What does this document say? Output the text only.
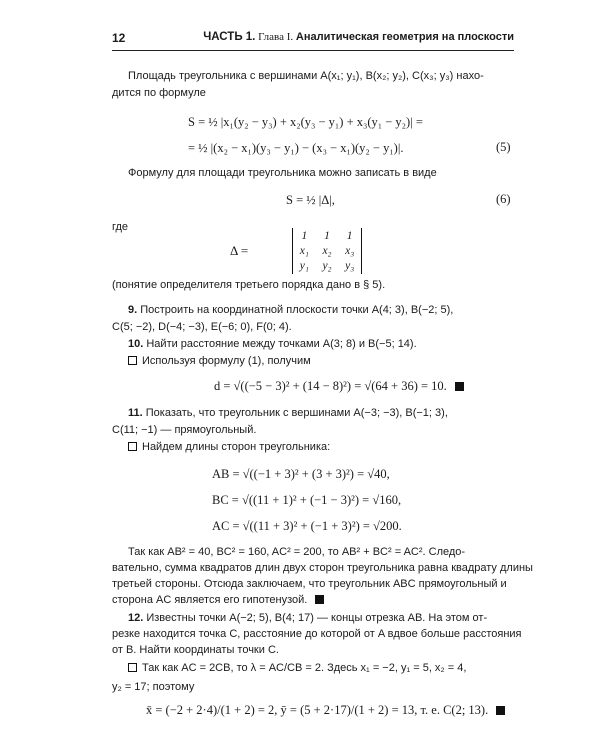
12	ЧАСТЬ 1. Глава I. Аналитическая геометрия на плоскости
Площадь треугольника с вершинами A(x₁; y₁), B(x₂; y₂), C(x₃; y₃) нахо-
дится по формуле
S = ½ |x₁(y₂ − y₃) + x₂(y₃ − y₁) + x₃(y₁ − y₂)| =
= ½ |(x₂ − x₁)(y₃ − y₁) − (x₃ − x₁)(y₂ − y₁)|.	(5)
Формулу для площади треугольника можно записать в виде
S = ½ |Δ|,	(6)
где
Δ =
1	1	1
x₁	x₂	x₃
y₁	y₂	y₃
(понятие определителя третьего порядка дано в § 5).
9. Построить на координатной плоскости точки A(4; 3), B(−2; 5),
C(5; −2), D(−4; −3), E(−6; 0), F(0; 4).
10. Найти расстояние между точками A(3; 8) и B(−5; 14).
Используя формулу (1), получим
d = √((−5 − 3)² + (14 − 8)²) = √(64 + 36) = 10.
11. Показать, что треугольник с вершинами A(−3; −3), B(−1; 3),
C(11; −1) — прямоугольный.
Найдем длины сторон треугольника:
AB = √((−1 + 3)² + (3 + 3)²) = √40,
BC = √((11 + 1)² + (−1 − 3)²) = √160,
AC = √((11 + 3)² + (−1 + 3)²) = √200.
Так как AB² = 40, BC² = 160, AC² = 200, то AB² + BC² = AC². Следо-
вательно, сумма квадратов длин двух сторон треугольника равна квадрату длины
третьей стороны. Отсюда заключаем, что треугольник ABC прямоугольный и
сторона AC является его гипотенузой.
12. Известны точки A(−2; 5), B(4; 17) — концы отрезка AB. На этом от-
резке находится точка C, расстояние до которой от A вдвое больше расстояния
от B. Найти координаты точки C.
Так как AC = 2CB, то λ = AC/CB = 2. Здесь x₁ = −2, y₁ = 5, x₂ = 4,
y₂ = 17; поэтому
x̄ = (−2 + 2·4)/(1 + 2) = 2, ȳ = (5 + 2·17)/(1 + 2) = 13, т. е. C(2; 13).
